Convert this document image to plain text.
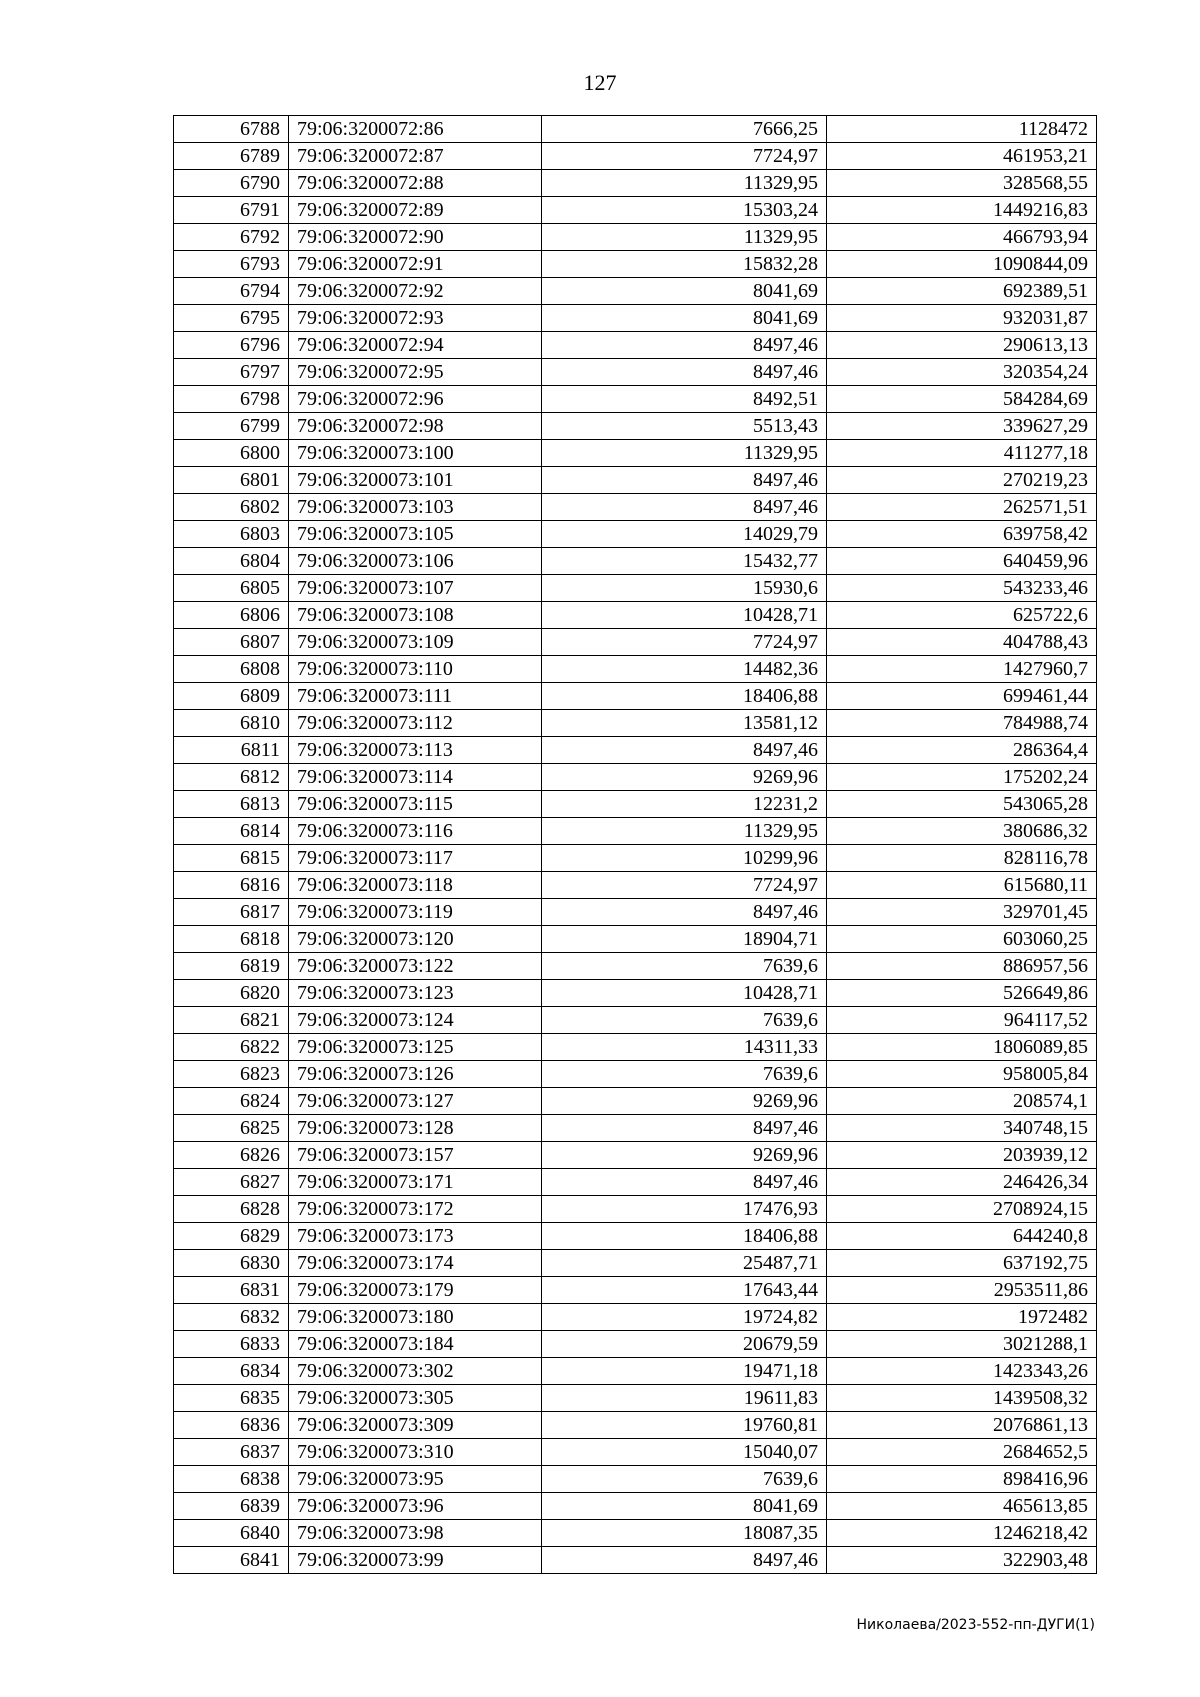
127
6788	79:06:3200072:86	7666,25	1128472
6789	79:06:3200072:87	7724,97	461953,21
6790	79:06:3200072:88	11329,95	328568,55
6791	79:06:3200072:89	15303,24	1449216,83
6792	79:06:3200072:90	11329,95	466793,94
6793	79:06:3200072:91	15832,28	1090844,09
6794	79:06:3200072:92	8041,69	692389,51
6795	79:06:3200072:93	8041,69	932031,87
6796	79:06:3200072:94	8497,46	290613,13
6797	79:06:3200072:95	8497,46	320354,24
6798	79:06:3200072:96	8492,51	584284,69
6799	79:06:3200072:98	5513,43	339627,29
6800	79:06:3200073:100	11329,95	411277,18
6801	79:06:3200073:101	8497,46	270219,23
6802	79:06:3200073:103	8497,46	262571,51
6803	79:06:3200073:105	14029,79	639758,42
6804	79:06:3200073:106	15432,77	640459,96
6805	79:06:3200073:107	15930,6	543233,46
6806	79:06:3200073:108	10428,71	625722,6
6807	79:06:3200073:109	7724,97	404788,43
6808	79:06:3200073:110	14482,36	1427960,7
6809	79:06:3200073:111	18406,88	699461,44
6810	79:06:3200073:112	13581,12	784988,74
6811	79:06:3200073:113	8497,46	286364,4
6812	79:06:3200073:114	9269,96	175202,24
6813	79:06:3200073:115	12231,2	543065,28
6814	79:06:3200073:116	11329,95	380686,32
6815	79:06:3200073:117	10299,96	828116,78
6816	79:06:3200073:118	7724,97	615680,11
6817	79:06:3200073:119	8497,46	329701,45
6818	79:06:3200073:120	18904,71	603060,25
6819	79:06:3200073:122	7639,6	886957,56
6820	79:06:3200073:123	10428,71	526649,86
6821	79:06:3200073:124	7639,6	964117,52
6822	79:06:3200073:125	14311,33	1806089,85
6823	79:06:3200073:126	7639,6	958005,84
6824	79:06:3200073:127	9269,96	208574,1
6825	79:06:3200073:128	8497,46	340748,15
6826	79:06:3200073:157	9269,96	203939,12
6827	79:06:3200073:171	8497,46	246426,34
6828	79:06:3200073:172	17476,93	2708924,15
6829	79:06:3200073:173	18406,88	644240,8
6830	79:06:3200073:174	25487,71	637192,75
6831	79:06:3200073:179	17643,44	2953511,86
6832	79:06:3200073:180	19724,82	1972482
6833	79:06:3200073:184	20679,59	3021288,1
6834	79:06:3200073:302	19471,18	1423343,26
6835	79:06:3200073:305	19611,83	1439508,32
6836	79:06:3200073:309	19760,81	2076861,13
6837	79:06:3200073:310	15040,07	2684652,5
6838	79:06:3200073:95	7639,6	898416,96
6839	79:06:3200073:96	8041,69	465613,85
6840	79:06:3200073:98	18087,35	1246218,42
6841	79:06:3200073:99	8497,46	322903,48
Николаева/2023-552-пп-ДУГИ(1)
